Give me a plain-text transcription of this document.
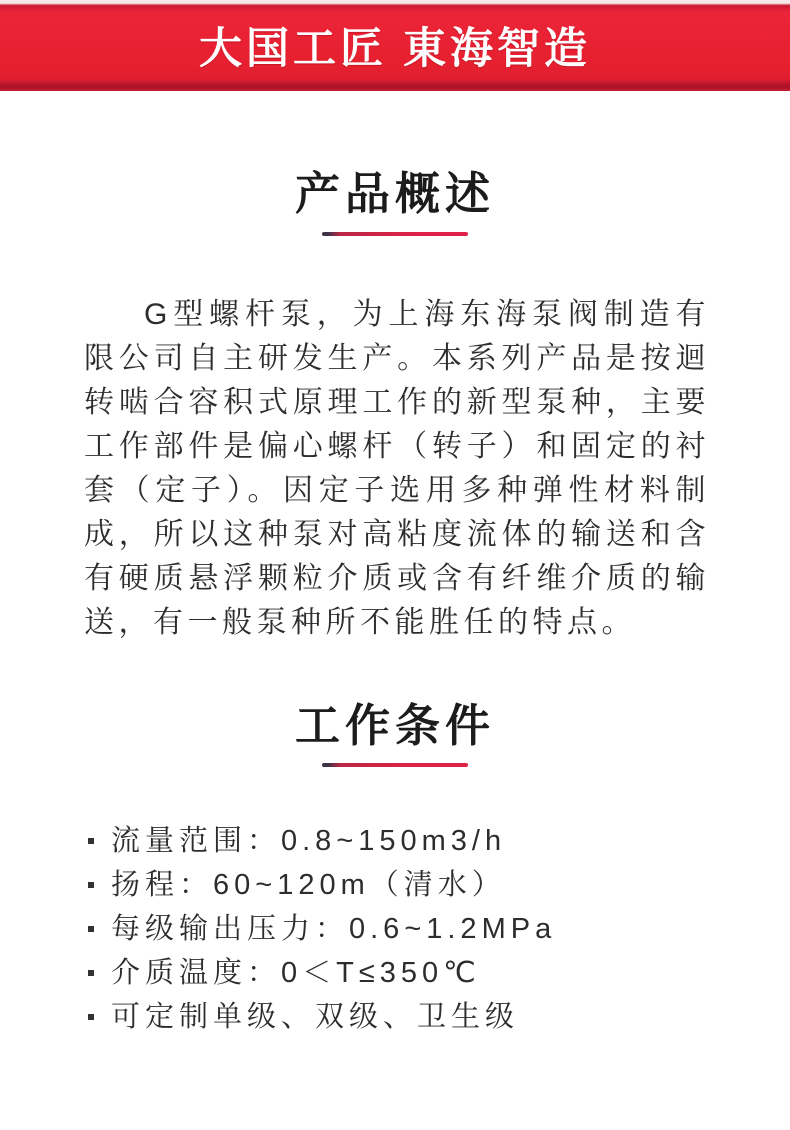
大国工匠 東海智造
产品概述

G型螺杆泵，为上海东海泵阀制造有限公司自主研发生产。本系列产品是按迴转啮合容积式原理工作的新型泵种，主要工作部件是偏心螺杆（转子）和固定的衬套（定子）。因定子选用多种弹性材料制成，所以这种泵对高粘度流体的输送和含有硬质悬浮颗粒介质或含有纤维介质的输送，有一般泵种所不能胜任的特点。

工作条件
流量范围：0.8~150m3/h
扬程：60~120m（清水）
每级输出压力：0.6~1.2MPa
介质温度：0＜T≤350℃
可定制单级、双级、卫生级
